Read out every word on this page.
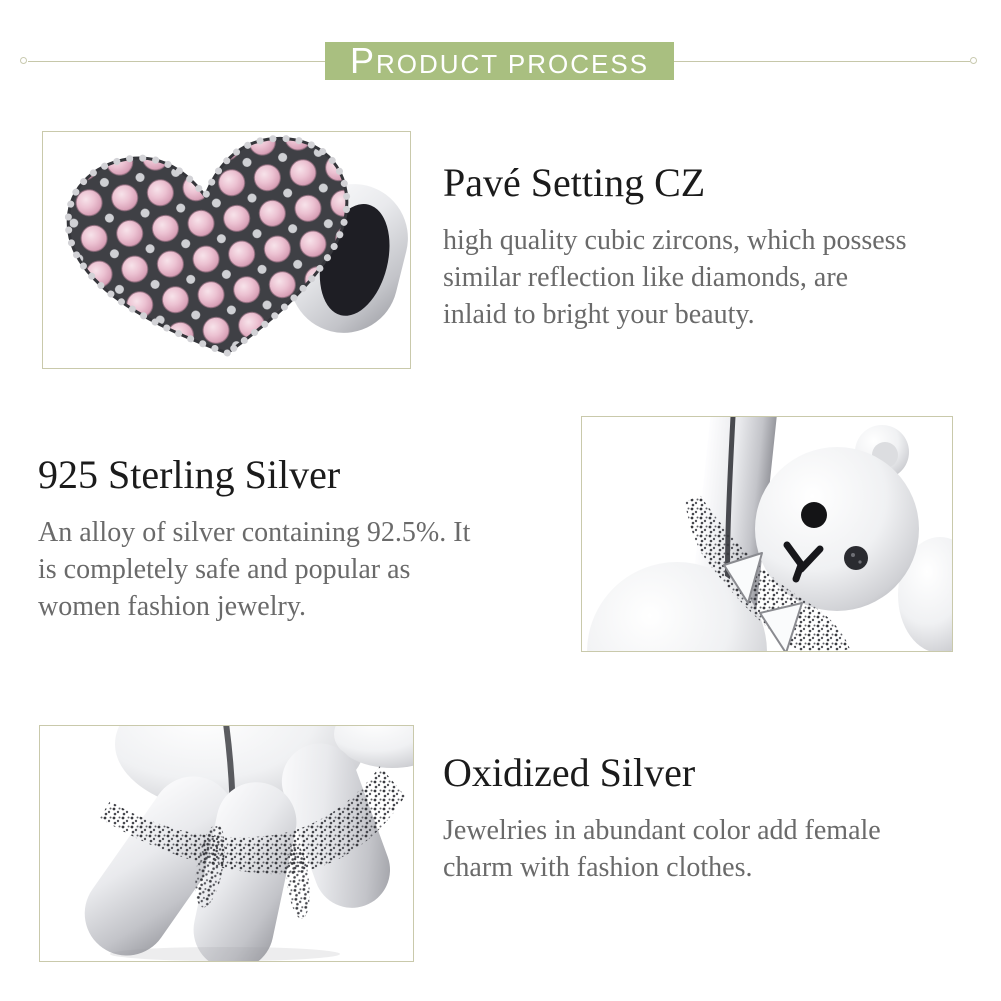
PRODUCT PROCESS
Pavé Setting CZ

high quality cubic zircons, which possess
similar reflection like diamonds, are
inlaid to bright your beauty.

925 Sterling Silver

An alloy of silver containing 92.5%. It
is completely safe and popular as
women fashion jewelry.

Oxidized Silver

Jewelries in abundant color add female
charm with fashion clothes.
